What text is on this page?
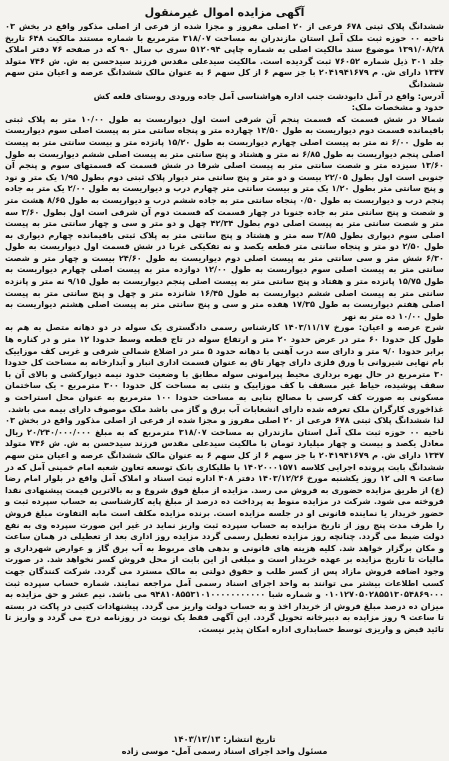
آگهی مزایده اموال غیرمنقول

ششدانگ پلاک ثبتی ۶۷۸ فرعی از ۲۰ اصلی مفروز و مجزا شده از فرعی از اصلی مذکور واقع در بخش ۰۳ ناحیه ۰۰ حوزه ثبت ملک آمل استان مازندران به مساحت ۳۱۸/۰۷ مترمربع با شماره مستند مالکیت ۶۴۸ تاریخ ۱۳۹۱/۰۸/۲۸ موضوع سند مالکیت اصلی به شماره چاپی ۵۱۲۰۹۴ سری ب سال ۹۰ که در صفحه ۷۶ دفتر املاک جلد ۳۰۱ ذیل شماره ۷۶۰۵۲ ثبت گردیده است. مالکیت سیدعلی مقدس فرزند سیدحسن به ش. ش ۷۴۶ متولد ۱۳۴۷ دارای ش. م ۲۰۴۱۹۴۱۶۷۹ با جز سهم ۶ از کل سهم ۶ به عنوان مالک ششدانگ عرصه و اعیان متن سهم ششدانگ

آدرس: واقع در آمل دابودشت جنب اداره هواشناسی آمل جاده ورودی روستای قلعه کش

حدود و مشخصات ملک:

شمالا در شش قسمت که قسمت پنجم آن شرقی است اول دیواریست به طول ۱۰/۰۰ متر به پلاک ثبتی باقیمانده قسمت دوم دیواریست به طول ۱۴/۵۰ چهارده متر و پنجاه سانتی متر به پیست اصلی سوم دیواریست به طول ۶/۰۰ نه متر به پیست اصلی چهارم دیواریست به طول ۱۵/۲۰ پانزده متر و بیست سانتی متر به پیست اصلی پنجم دیواریست به طول ۶/۸۵ نه متر و هشتاد و پنج سانتی متر به پیست اصلی ششم دیواریست به طول ۱۳/۶۰ سیزده متر و شصت سانتی متر به پیست اصلی شرقا در شش قسمت که قسمتهای سوم و پنجم آن جنوبی است اول بطول ۲۲/۰۵ بیست و دو متر و پنج سانتی متر دیوار پلاک ثبتی دوم بطول ۱/۹۵ یک متر و نود و پنج سانتی متر بطول ۱/۲۰ یک متر و بیست سانتی متر چهارم درب و دیواریست به طول ۲/۰۰ یک متر به جاده پنجم درب و دیواریست به طول ۰/۵۰ پنجاه سانتی متر به جاده ششم درب و دیواریست به طول ۸/۶۵ هشت متر و شصت و پنج سانتی متر به جاده جنوبا در چهار قسمت که قسمت دوم آن شرقی است اول بطول ۳/۶۰ سه متر و شصت سانتی متر به پیست اصلی دوم بطول ۴۲/۳۴ چهل و دو متر و سی و چهار سانتی متر به پیست اصلی سوم دیواری بطول ۳/۸۵ سه متر و هشتاد و پنج سانتی متر به پلاک ثبتی باقیمانده چهارم دیواری به طول ۲/۵۰ دو متر و پنجاه سانتی متر قطعه یکصد و نه تفکیکی غربا در شش قسمت اول دیواریست به طول ۶/۳۰ شش متر و سی سانتی متر به پیست اصلی دوم دیواریست به طول ۲۴/۶۰ بیست و چهار متر و شصت سانتی متر به پیست اصلی سوم دیواریست به طول ۱۲/۰۰ دوازده متر به پیست اصلی چهارم دیواریست به طول ۱۵/۷۵ پانزده متر و هفتاد و پنج سانتی متر به پیست اصلی پنجم دیواریست به طول ۹/۱۵ نه متر و پانزده سانتی متر به پیست اصلی ششم دیواریست به طول ۱۶/۴۵ شانزده متر و چهل و پنج سانتی متر به پیست اصلی هفتم دیواریست به طول ۱۷/۳۵ هفده متر و سی و پنج سانتی متر به پیست اصلی هشتم دیواریست به طول ۱۰/۰۰ ده متر به نهر

شرح عرصه و اعیان: مورخ ۱۴۰۳/۱۱/۱۷ کارشناس رسمی دادگستری یک سوله در دو دهانه متصل به هم به طول کل حدودا ۶۰ متر در عرض حدود ۲۰ متر و ارتفاع سوله در تاج قطعه وسط حدودا ۱۲ متر و در کناره ها برابر حدودا ۹/۰ متر و دارای سه درب آهنی با دهانه حدود ۵ متر در اضلاع شمالی شرقی و غربی کف موزاییک بام نهایی شیروانی با ورق فلزی دارای چهار تاق به عنوان قسمت اداری انبار و آبدارخانه به مساحت کل حدودا ۳۰ مترمربع در حال بهره برداری محیط پیرامونی سوله مطابق با وضعیت حدود نیمه دیوارکشی و بالای آن با سقف پوشیده، حیاط غیر مسقف با کف موزاییک و بتنی به مساحت کل حدودا ۳۰۰ مترمربع - یک ساختمان مسکونی به صورت کف کرسی با مصالح بنایی به مساحت حدودا ۱۰۰ مترمربع به عنوان محل استراحت و غذاخوری کارگران ملک تعرفه شده دارای انشعابات آب برق و گاز می باشد ملک موصوف دارای بیمه می باشد.

لذا ششدانگ پلاک ثبتی ۶۷۸ فرعی از ۲۰ اصلی مفروز و مجزا شده از فرعی از اصلی مذکور واقع در بخش ۰۳ ناحیه ۰۰ حوزه ثبت ملک آمل استان مازندران به مساحت ۳۱۸/۰۷ مترمربع که به مبلغ ۲۰/۲۴۰/۰۰۰/۰۰۰ ریال معادل یکصد و بیست و چهار میلیارد تومان با مالکیت سیدعلی مقدس فرزند سیدحسن به ش. ش ۷۴۶ متولد ۱۳۴۷ دارای ش. م ۲۰۴۱۹۴۱۶۷۹ با جز سهم ۶ از کل سهم ۶ به عنوان مالک ششدانگ عرصه و اعیان متن سهم ششدانگ بابت پرونده اجرایی کلاسه ۱۴۰۲۰۰۰۱۵۷۱ با طلبکاری بانک توسعه تعاون شعبه امام خمینی آمل که در ساعت ۹ الی ۱۲ روز یکشنبه مورخ ۱۴۰۳/۱۲/۲۶ دفتر ۴۰۸ اداره ثبت اسناد و املاک آمل واقع در بلوار امام رضا (ع) از طریق مزایده حضوری به فروش می رسد. مزایده از مبلغ فوق شروع و به بالاترین قیمت پیشنهادی نقدا فروخته می شود. شرکت در مزایده منوط به پرداخت ده درصد از مبلغ پایه کارشناسی به حساب سپرده ثبت و حضور خریدار یا نماینده قانونی او در جلسه مزایده است. برنده مزایده مکلف است مابه التفاوت مبلغ فروش را ظرف مدت پنج روز از تاریخ مزایده به حساب سپرده ثبت واریز نماید در غیر این صورت سپرده وی به نفع دولت ضبط می گردد. چنانچه روز مزایده تعطیل رسمی گردد مزایده روز اداری بعد از تعطیلی در همان ساعت و مکان برگزار خواهد شد. کلیه هزینه های قانونی و بدهی های مربوط به آب برق گاز و عوارض شهرداری و مالیات تا تاریخ مزایده بر عهده خریدار است و مبلغی از این بابت از محل فروش کسر نخواهد شد. در صورت وجود اضافه فروش مازاد پس از کسر طلب و حقوق دولتی به مالک مسترد می گردد. شرکت کنندگان جهت کسب اطلاعات بیشتر می توانند به واحد اجرای اسناد رسمی آمل مراجعه نمایند. شماره حساب سپرده ثبت ۰۱۰۱۲۷۰۵۰۲۸۵۵۱۳۰۵۴۸۶۹۰۰۰ و شماره شبا ۹۴۸۱۰۸۵۵۳۱۰۱۰۰۰۰۰۰۰۰۰۰۰ می باشد. نیم عشر و حق مزایده به میزان ده درصد مبلغ فروش از خریدار اخذ و به حساب دولت واریز می گردد. پیشنهادات کتبی در پاکت در بسته تا ساعت ۹ روز مزایده به دبیرخانه تحویل گردد. این آگهی فقط یک نوبت در روزنامه درج می گردد و واریز تا تائید قبض و واریزی توسط حسابداری اداره امکان پذیر نیست.

تاریخ انتشار: ۱۴۰۳/۱۲/۱۳
مسئول واحد اجرای اسناد رسمی آمل- موسی زاده
